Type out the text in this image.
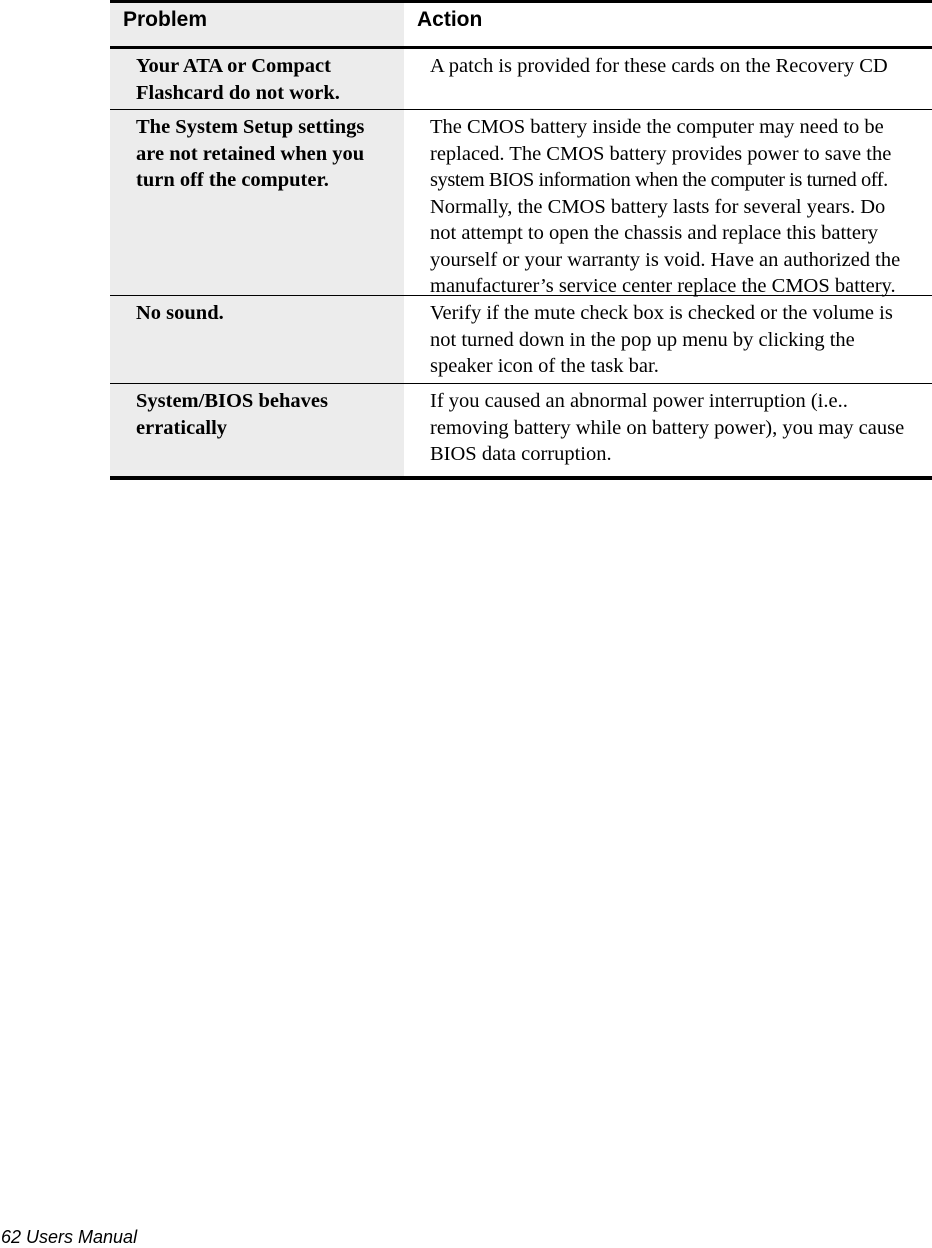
Problem	Action
Your ATA or Compact
Flashcard do not work.
A patch is provided for these cards on the Recovery CD
The System Setup settings
are not retained when you
turn off the computer.
The CMOS battery inside the computer may need to be
replaced. The CMOS battery provides power to save the
system BIOS information when the computer is turned off.
Normally, the CMOS battery lasts for several years. Do
not attempt to open the chassis and replace this battery
yourself or your warranty is void. Have an authorized the
manufacturer’s service center replace the CMOS battery.
No sound.	Verify if the mute check box is checked or the volume is
not turned down in the pop up menu by clicking the
speaker icon of the task bar.
System/BIOS behaves
erratically
If you caused an abnormal power interruption (i.e..
removing battery while on battery power), you may cause
BIOS data corruption.
62 Users Manual
